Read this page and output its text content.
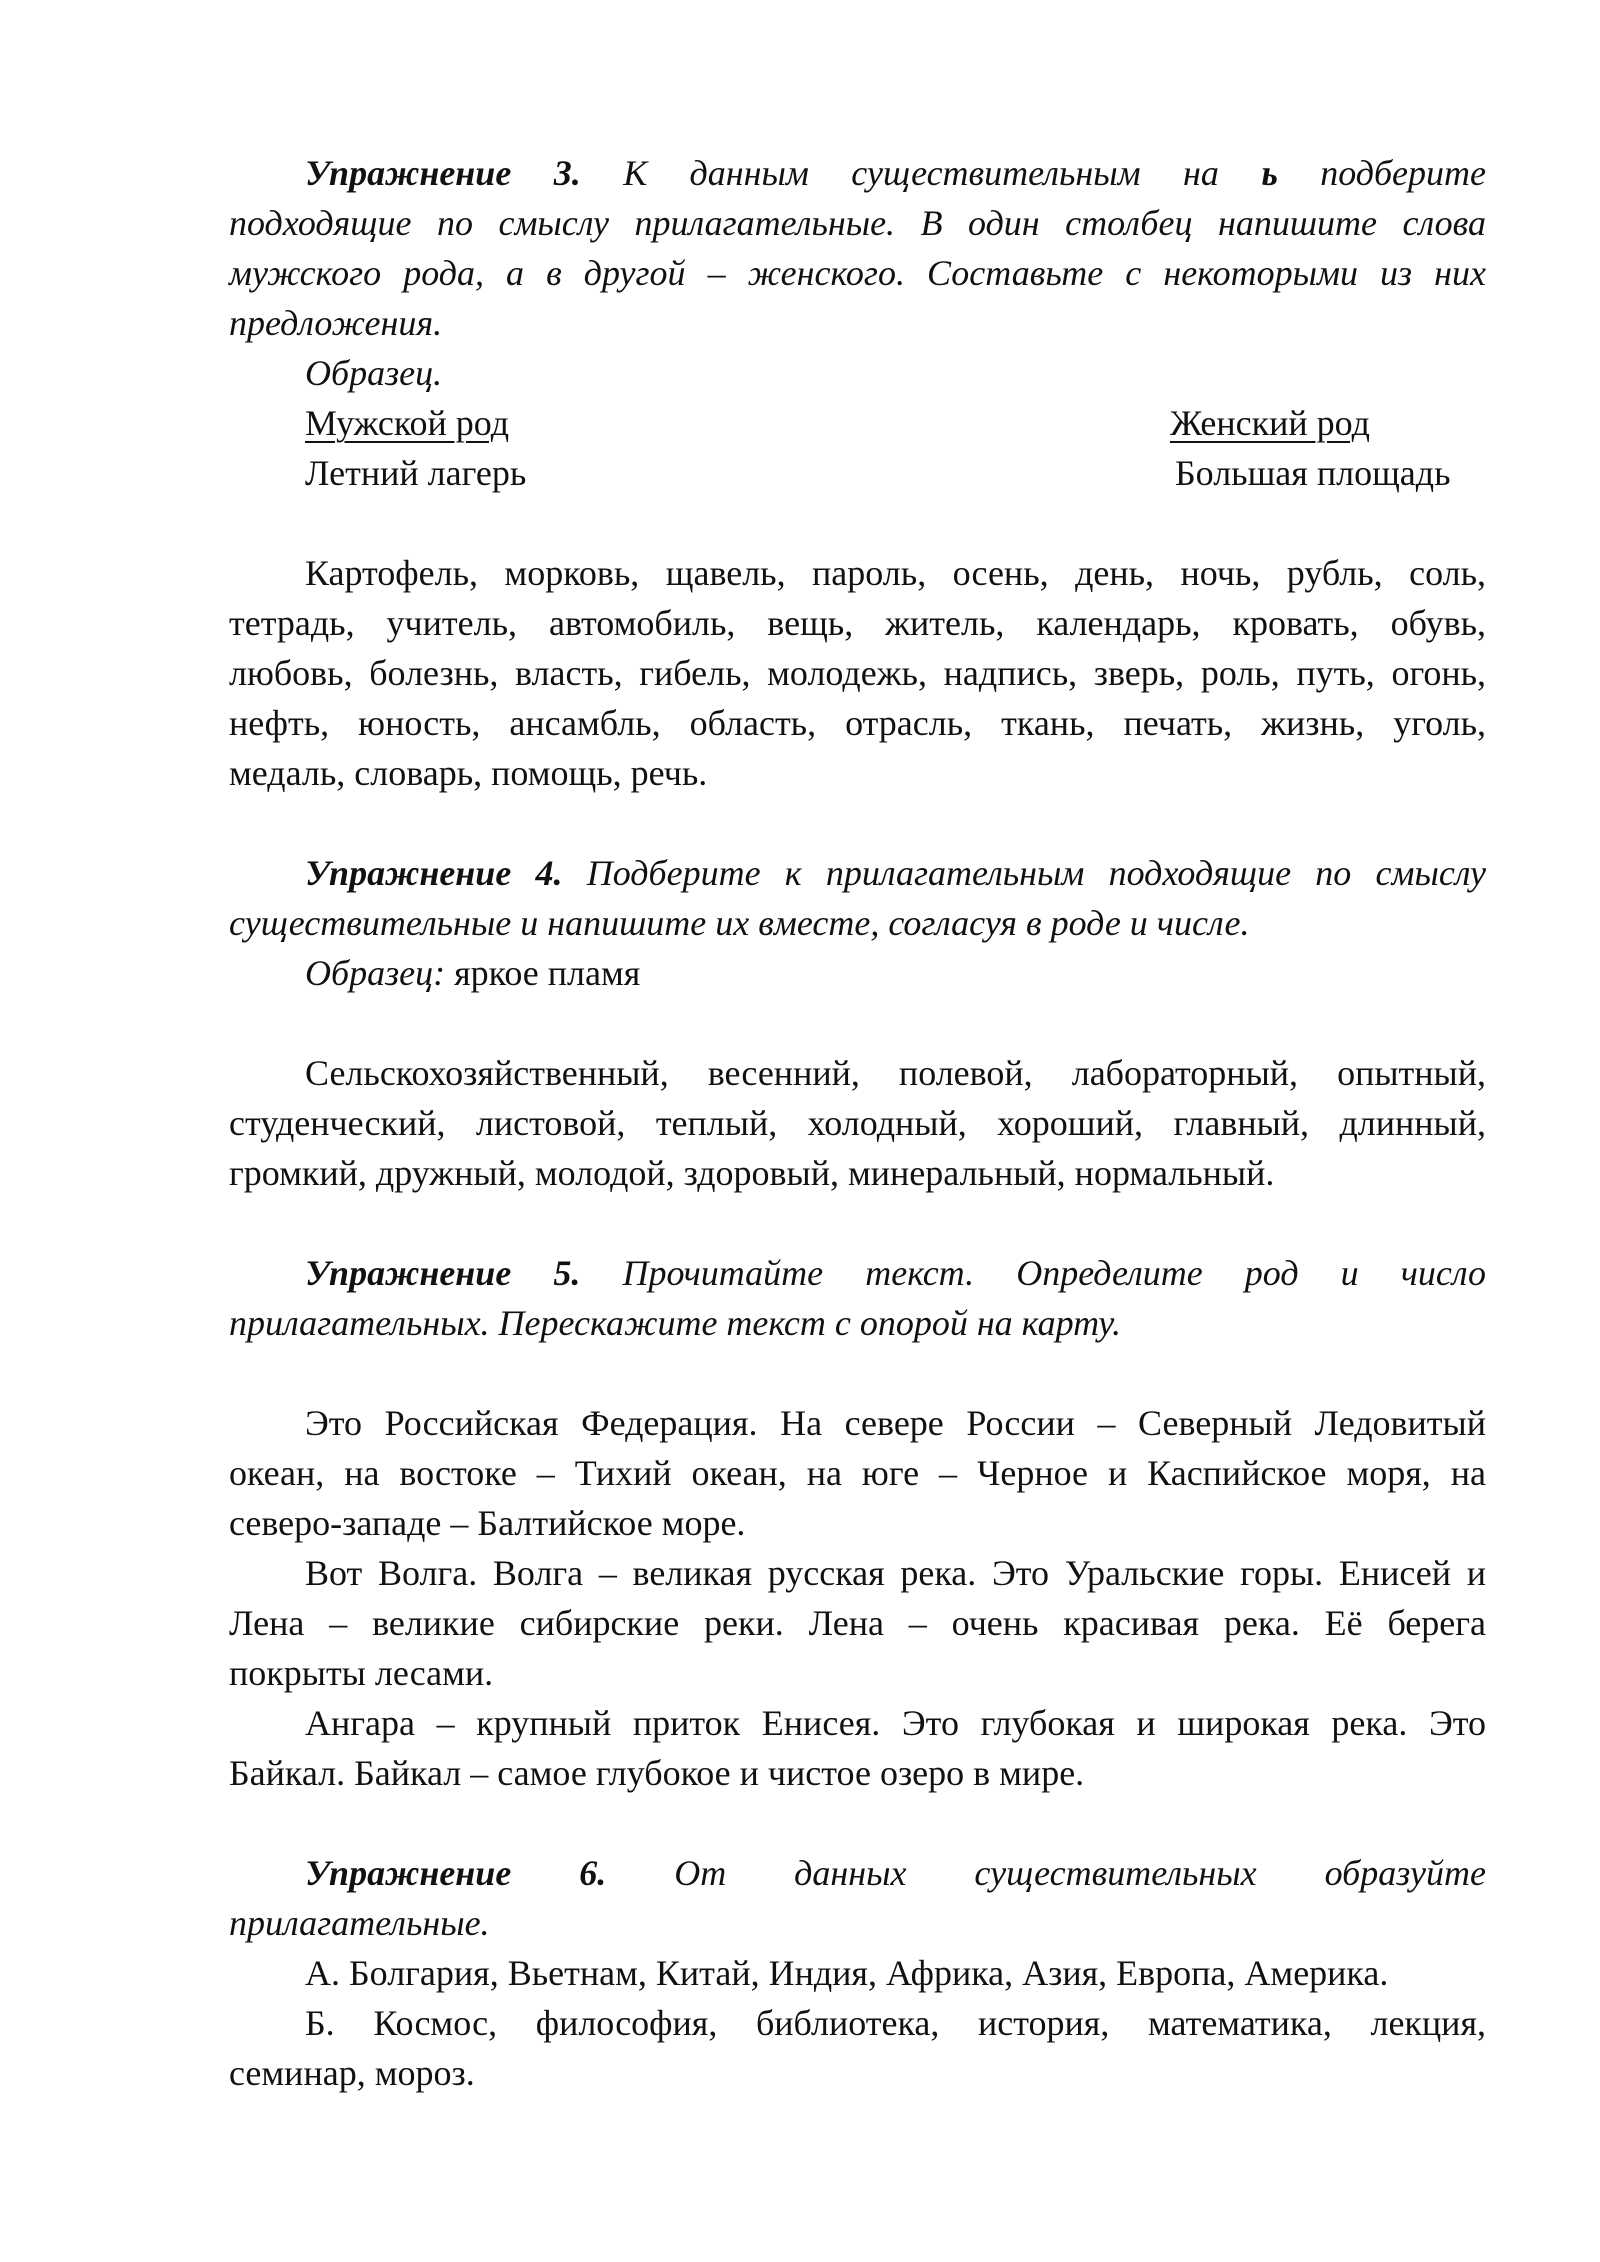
Упражнение 3. К данным существительным на ь подберите

подходящие по смыслу прилагательные. В один столбец напишите слова

мужского рода, а в другой – женского. Составьте с некоторыми из них

предложения.

Образец.

Мужской род	Женский род
Летний лагерь	Большая площадь

Картофель, морковь, щавель, пароль, осень, день, ночь, рубль, соль,

тетрадь, учитель, автомобиль, вещь, житель, календарь, кровать, обувь,

любовь, болезнь, власть, гибель, молодежь, надпись, зверь, роль, путь, огонь,

нефть, юность, ансамбль, область, отрасль, ткань, печать, жизнь, уголь,

медаль, словарь, помощь, речь.

Упражнение 4. Подберите к прилагательным подходящие по смыслу

существительные и напишите их вместе, согласуя в роде и числе.

Образец: яркое пламя

Сельскохозяйственный, весенний, полевой, лабораторный, опытный,

студенческий, листовой, теплый, холодный, хороший, главный, длинный,

громкий, дружный, молодой, здоровый, минеральный, нормальный.

Упражнение 5. Прочитайте текст. Определите род и число

прилагательных. Перескажите текст с опорой на карту.

Это Российская Федерация. На севере России – Северный Ледовитый

океан, на востоке – Тихий океан, на юге – Черное и Каспийское моря, на

северо-западе – Балтийское море.

Вот Волга. Волга – великая русская река. Это Уральские горы. Енисей и

Лена – великие сибирские реки. Лена – очень красивая река. Её берега

покрыты лесами.

Ангара – крупный приток Енисея. Это глубокая и широкая река. Это

Байкал. Байкал – самое глубокое и чистое озеро в мире.

Упражнение 6. От данных существительных образуйте

прилагательные.

А. Болгария, Вьетнам, Китай, Индия, Африка, Азия, Европа, Америка.

Б. Космос, философия, библиотека, история, математика, лекция,

семинар, мороз.
